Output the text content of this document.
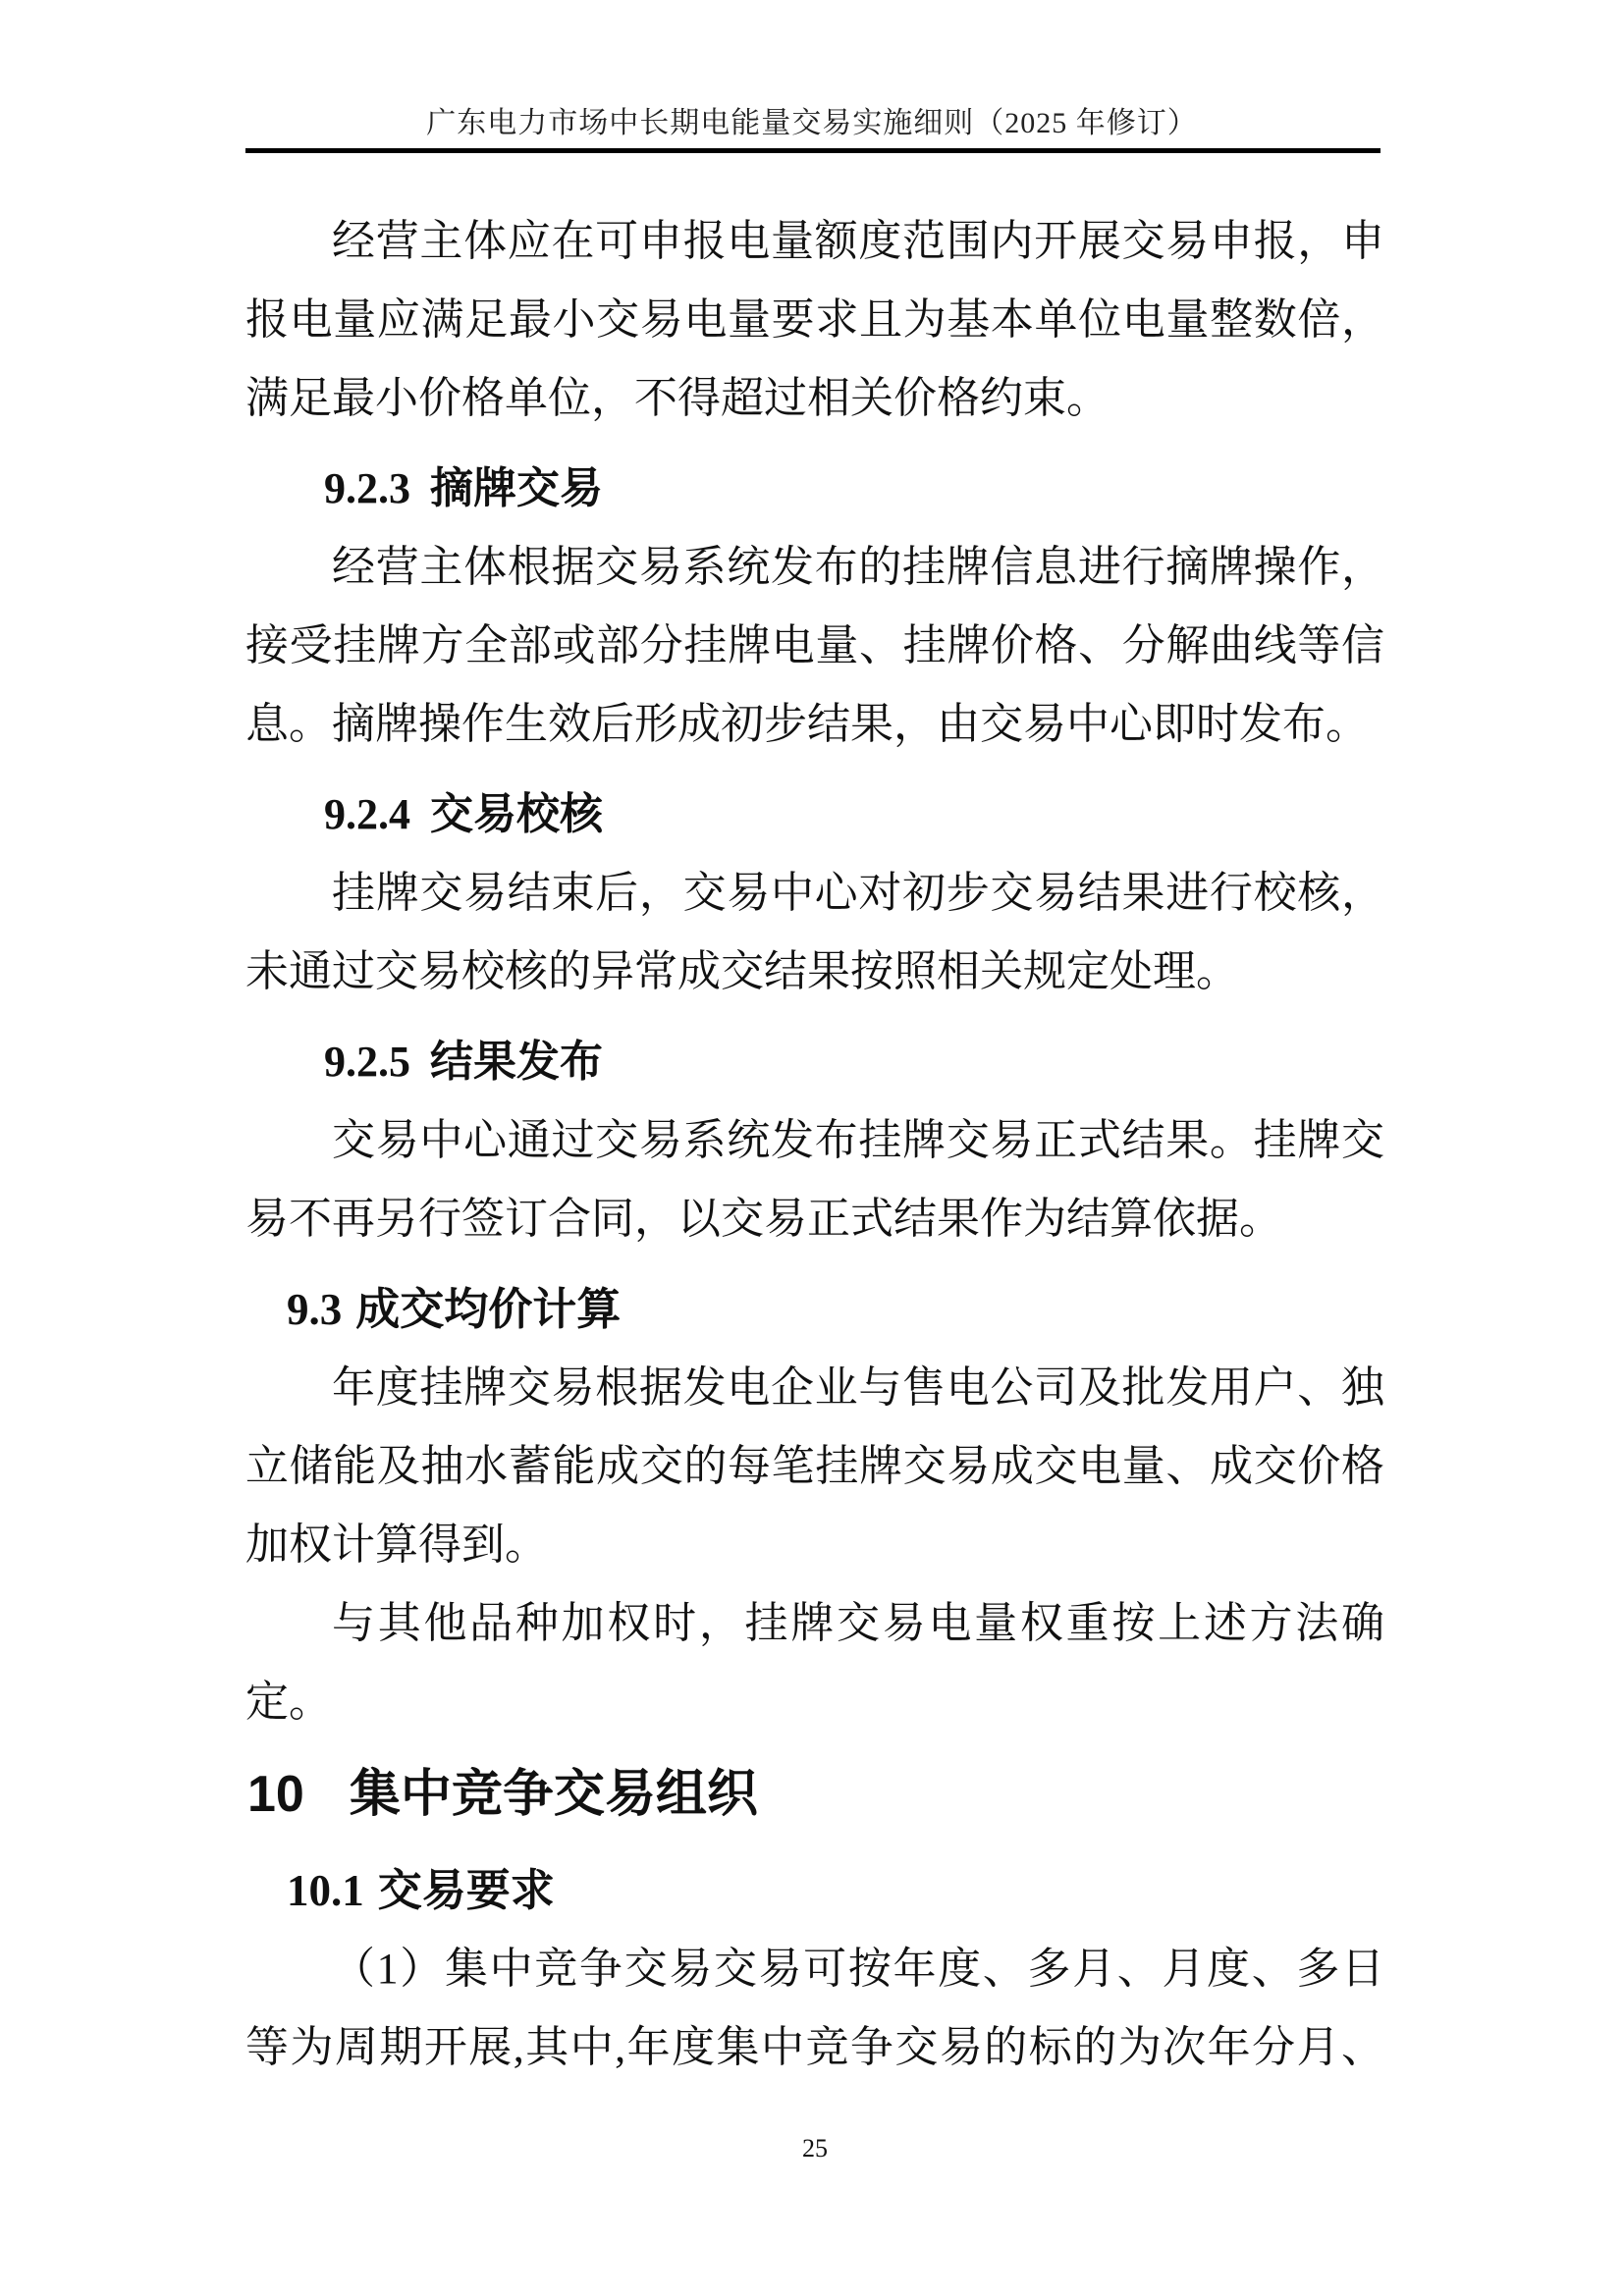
广东电力市场中长期电能量交易实施细则（2025 年修订）
经营主体应在可申报电量额度范围内开展交易申报，申
报电量应满足最小交易电量要求且为基本单位电量整数倍，
满足最小价格单位，不得超过相关价格约束。
9.2.3 摘牌交易
经营主体根据交易系统发布的挂牌信息进行摘牌操作，
接受挂牌方全部或部分挂牌电量、挂牌价格、分解曲线等信
息。摘牌操作生效后形成初步结果，由交易中心即时发布。
9.2.4 交易校核
挂牌交易结束后，交易中心对初步交易结果进行校核，
未通过交易校核的异常成交结果按照相关规定处理。
9.2.5 结果发布
交易中心通过交易系统发布挂牌交易正式结果。挂牌交
易不再另行签订合同，以交易正式结果作为结算依据。
9.3 成交均价计算
年度挂牌交易根据发电企业与售电公司及批发用户、独
立储能及抽水蓄能成交的每笔挂牌交易成交电量、成交价格
加权计算得到。
与其他品种加权时，挂牌交易电量权重按上述方法确
定。
10 集中竞争交易组织
10.1 交易要求
（1）集中竞争交易交易可按年度、多月、月度、多日
等为周期开展,其中,年度集中竞争交易的标的为次年分月、
25
